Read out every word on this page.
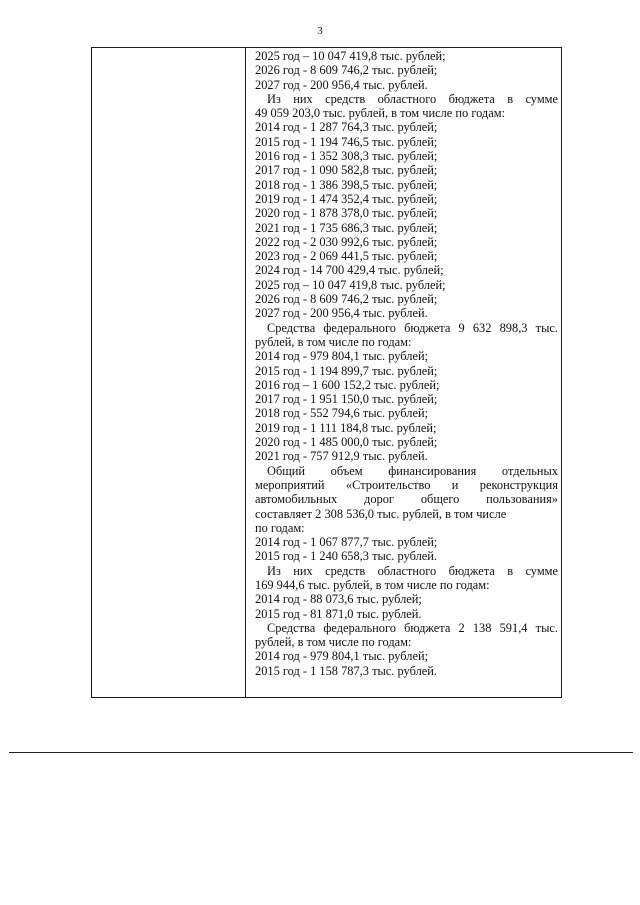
3
2025 год – 10 047 419,8 тыс. рублей;
2026 год - 8 609 746,2 тыс. рублей;
2027 год - 200 956,4 тыс. рублей.
Из них средств областного бюджета в сумме
49 059 203,0 тыс. рублей, в том числе по годам:
2014 год - 1 287 764,3 тыс. рублей;
2015 год - 1 194 746,5 тыс. рублей;
2016 год - 1 352 308,3 тыс. рублей;
2017 год - 1 090 582,8 тыс. рублей;
2018 год - 1 386 398,5 тыс. рублей;
2019 год - 1 474 352,4 тыс. рублей;
2020 год - 1 878 378,0 тыс. рублей;
2021 год - 1 735 686,3 тыс. рублей;
2022 год - 2 030 992,6 тыс. рублей;
2023 год - 2 069 441,5 тыс. рублей;
2024 год - 14 700 429,4 тыс. рублей;
2025 год – 10 047 419,8 тыс. рублей;
2026 год - 8 609 746,2 тыс. рублей;
2027 год - 200 956,4 тыс. рублей.
Средства федерального бюджета 9 632 898,3 тыс.
рублей, в том числе по годам:
2014 год - 979 804,1 тыс. рублей;
2015 год - 1 194 899,7 тыс. рублей;
2016 год – 1 600 152,2 тыс. рублей;
2017 год - 1 951 150,0 тыс. рублей;
2018 год - 552 794,6 тыс. рублей;
2019 год - 1 111 184,8 тыс. рублей;
2020 год - 1 485 000,0 тыс. рублей;
2021 год - 757 912,9 тыс. рублей.
Общий объем финансирования отдельных
мероприятий «Строительство и реконструкция
автомобильных дорог общего пользования»
составляет 2 308 536,0 тыс. рублей, в том числе
по годам:
2014 год - 1 067 877,7 тыс. рублей;
2015 год - 1 240 658,3 тыс. рублей.
Из них средств областного бюджета в сумме
169 944,6 тыс. рублей, в том числе по годам:
2014 год - 88 073,6 тыс. рублей;
2015 год - 81 871,0 тыс. рублей.
Средства федерального бюджета 2 138 591,4 тыс.
рублей, в том числе по годам:
2014 год - 979 804,1 тыс. рублей;
2015 год - 1 158 787,3 тыс. рублей.
